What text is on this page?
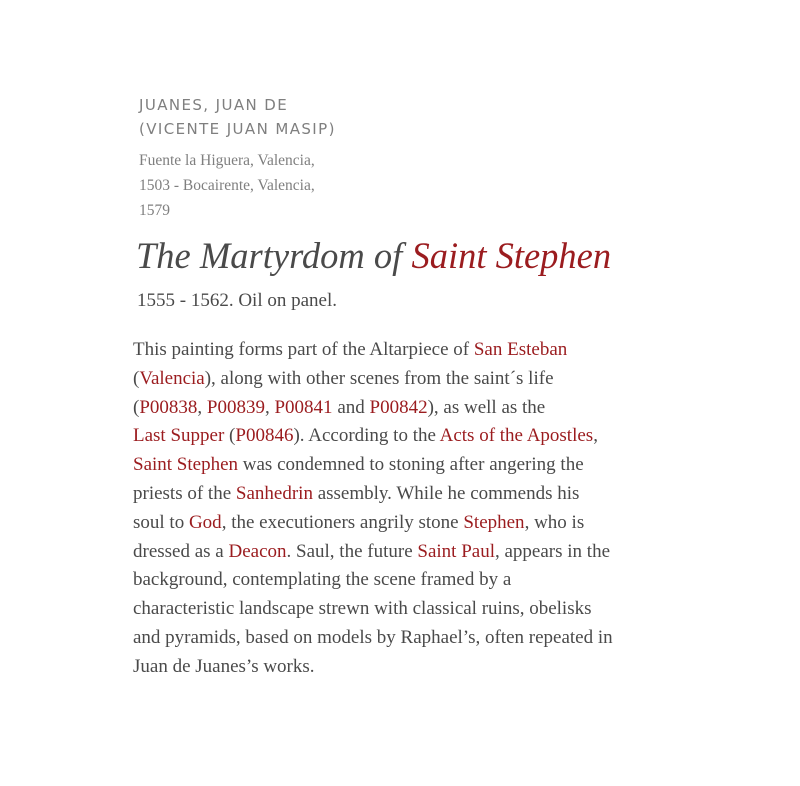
JUANES, JUAN DE
(VICENTE JUAN MASIP)

Fuente la Higuera, Valencia,
1503 - Bocairente, Valencia,
1579

The Martyrdom of Saint Stephen

1555 - 1562. Oil on panel.

This painting forms part of the Altarpiece of San Esteban
(Valencia), along with other scenes from the saint´s life
(P00838, P00839, P00841 and P00842), as well as the
Last Supper (P00846). According to the Acts of the Apostles,
Saint Stephen was condemned to stoning after angering the
priests of the Sanhedrin assembly. While he commends his
soul to God, the executioners angrily stone Stephen, who is
dressed as a Deacon. Saul, the future Saint Paul, appears in the
background, contemplating the scene framed by a
characteristic landscape strewn with classical ruins, obelisks
and pyramids, based on models by Raphael’s, often repeated in
Juan de Juanes’s works.
